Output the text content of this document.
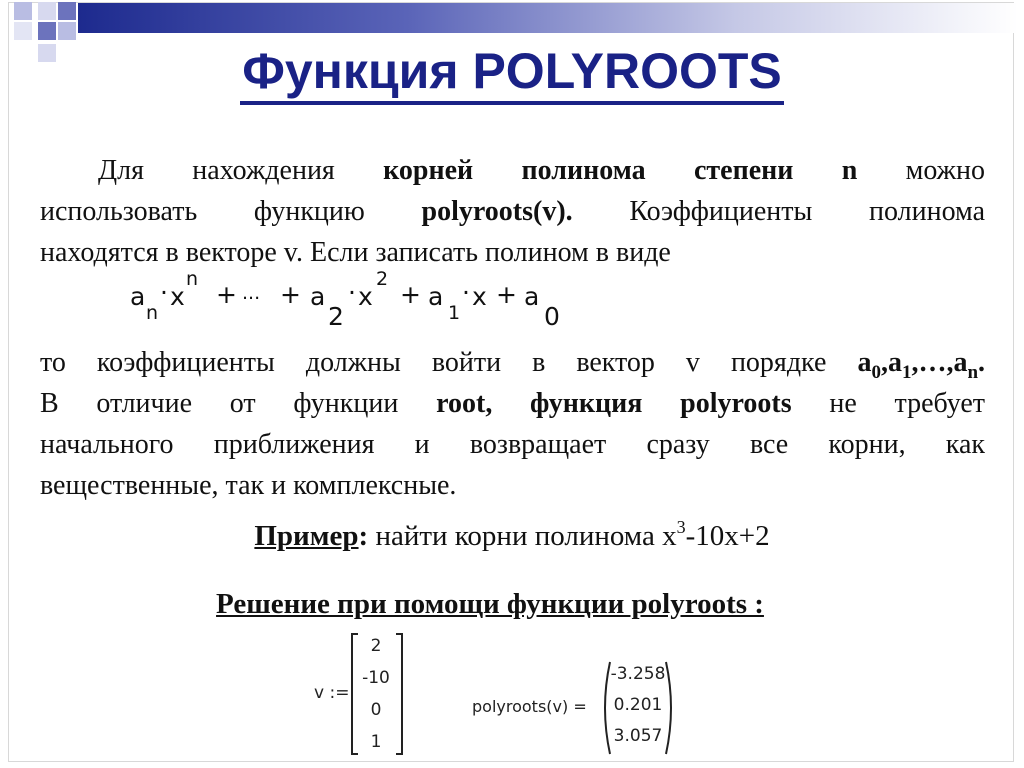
Функция POLYROOTS
Для нахождения корней полинома степени n можно
использовать функцию polyroots(v). Коэффициенты полинома
находятся в векторе v. Если записать полином в виде
a
n
· x
n
+ ... + a
2
· x
2
+ a
1
· x + a
0
то коэффициенты должны войти в вектор v порядке $a_0,a_1,\dots,a_n$.
В отличие от функции root, функция polyroots не требует
начального приближения и возвращает сразу все корни, как
вещественные, так и комплексные.
Пример: найти корни полинома $x^3-10x+2$
Решение при помощи функции polyroots :
v :=
2
-10
0
1
polyroots(v) =
-3.258
0.201
3.057
